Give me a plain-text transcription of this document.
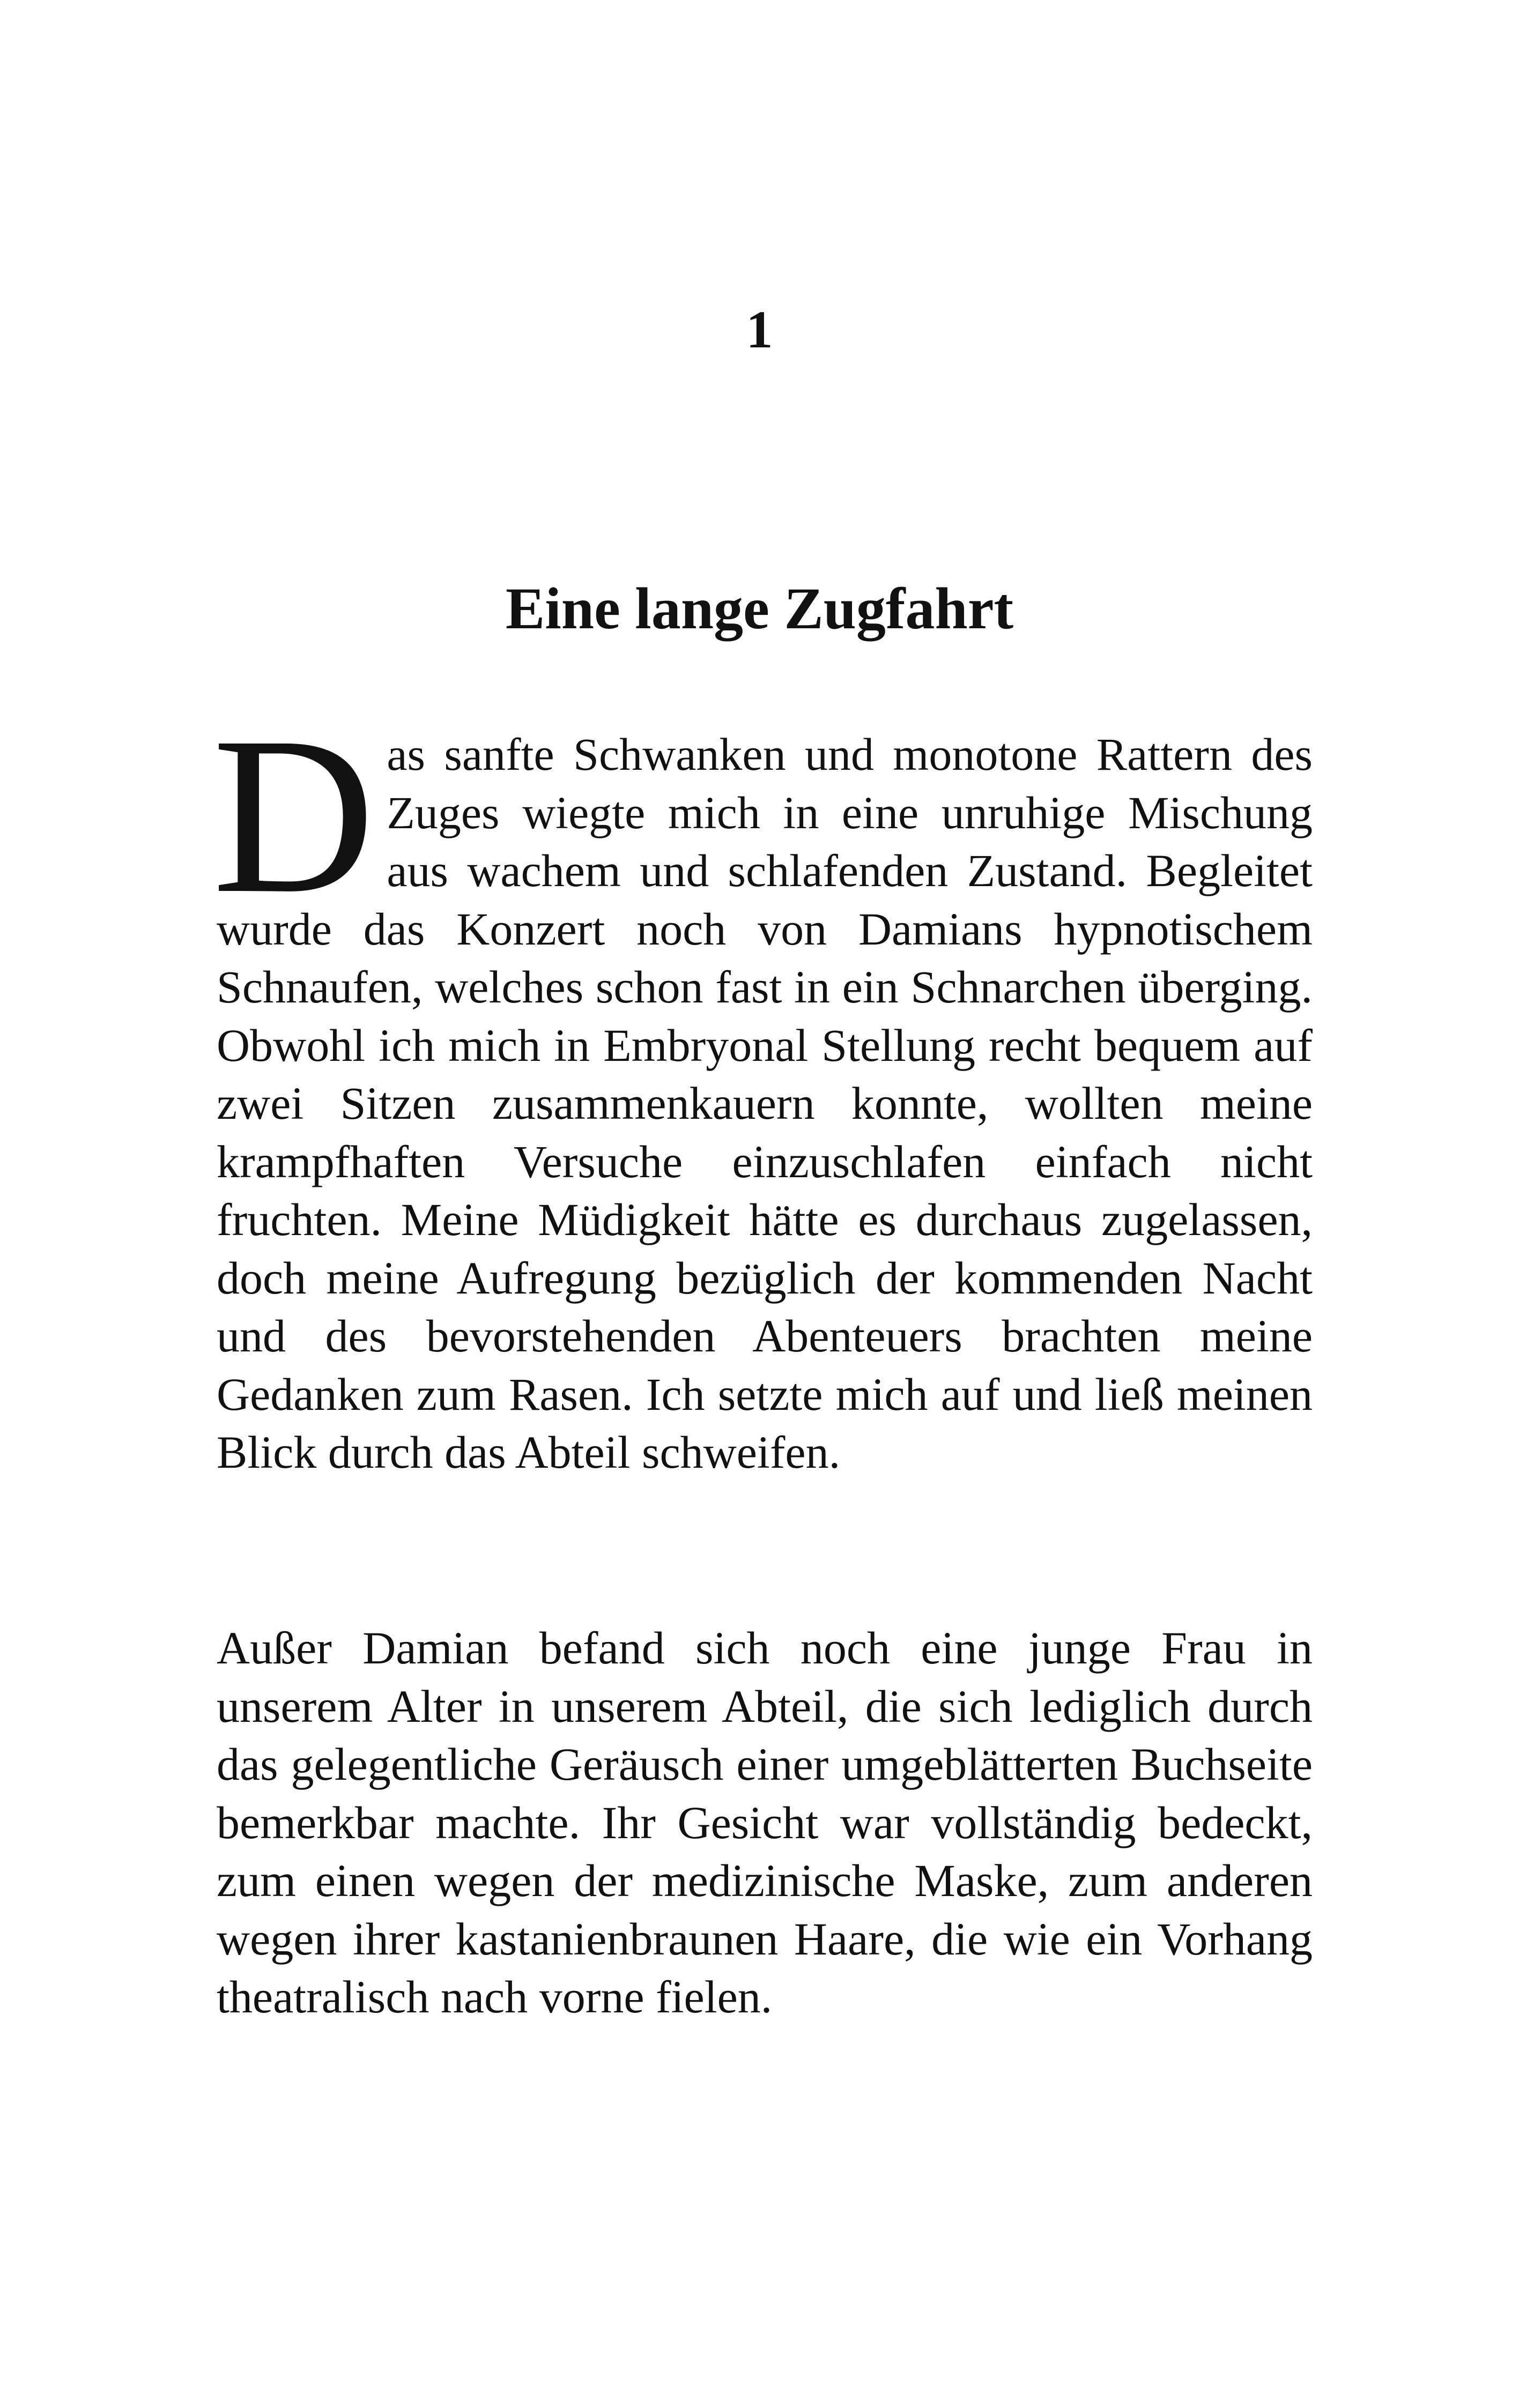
1
Eine lange Zugfahrt
Das sanfte Schwanken und monotone Rattern des Zuges wiegte mich in eine unruhige Mischung aus wachem und schlafenden Zustand. Begleitet wurde das Konzert noch von Damians hypnotischem Schnaufen, welches schon fast in ein Schnarchen überging. Obwohl ich mich in Embryonal Stellung recht bequem auf zwei Sitzen zusammenkauern konnte, wollten meine krampfhaften Versuche einzuschlafen einfach nicht fruchten. Meine Müdigkeit hätte es durchaus zugelassen, doch meine Aufregung bezüglich der kommenden Nacht und des bevorstehenden Abenteuers brachten meine Gedanken zum Rasen. Ich setzte mich auf und ließ meinen Blick durch das Abteil schweifen.
Außer Damian befand sich noch eine junge Frau in unserem Alter in unserem Abteil, die sich lediglich durch das gelegentliche Geräusch einer umgeblätterten Buchseite bemerkbar machte. Ihr Gesicht war vollständig bedeckt, zum einen wegen der medizinische Maske, zum anderen wegen ihrer kastanienbraunen Haare, die wie ein Vorhang theatralisch nach vorne fielen.
